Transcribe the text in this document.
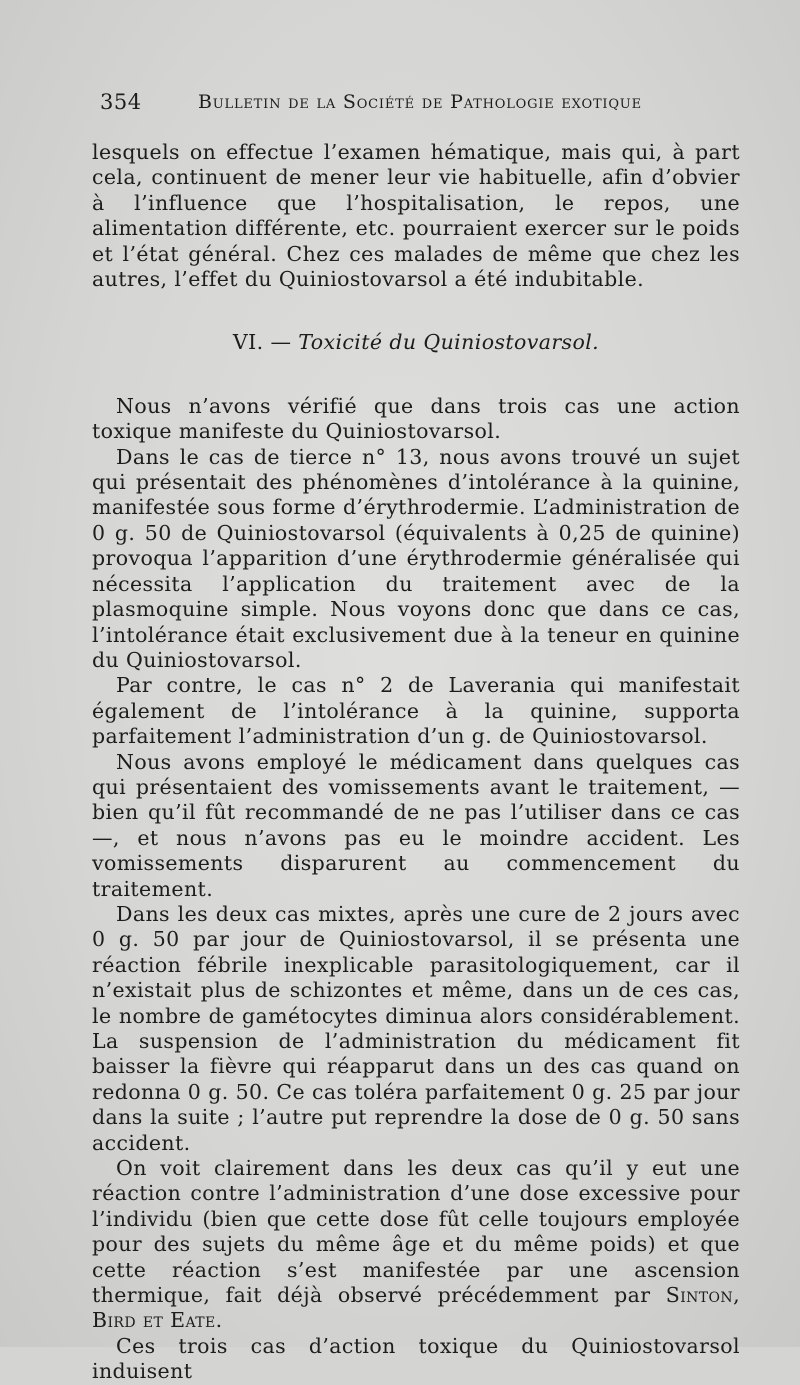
354	Bulletin de la Société de Pathologie exotique

lesquels on effectue l’examen hématique, mais qui, à part cela, continuent de mener leur vie habituelle, afin d’obvier à l’influence que l’hospitalisation, le repos, une alimentation différente, etc. pourraient exercer sur le poids et l’état général. Chez ces malades de même que chez les autres, l’effet du Quiniostovarsol a été indubitable.

VI. — Toxicité du Quiniostovarsol.

Nous n’avons vérifié que dans trois cas une action toxique manifeste du Quiniostovarsol.

Dans le cas de tierce n° 13, nous avons trouvé un sujet qui présentait des phénomènes d’intolérance à la quinine, manifestée sous forme d’érythrodermie. L’administration de 0 g. 50 de Quiniostovarsol (équivalents à 0,25 de quinine) provoqua l’apparition d’une érythrodermie généralisée qui nécessita l’application du traitement avec de la plasmoquine simple. Nous voyons donc que dans ce cas, l’intolérance était exclusivement due à la teneur en quinine du Quiniostovarsol.

Par contre, le cas n° 2 de Laverania qui manifestait également de l’intolérance à la quinine, supporta parfaitement l’administration d’un g. de Quiniostovarsol.

Nous avons employé le médicament dans quelques cas qui présentaient des vomissements avant le traitement, — bien qu’il fût recommandé de ne pas l’utiliser dans ce cas —, et nous n’avons pas eu le moindre accident. Les vomissements disparurent au commencement du traitement.

Dans les deux cas mixtes, après une cure de 2 jours avec 0 g. 50 par jour de Quiniostovarsol, il se présenta une réaction fébrile inexplicable parasitologiquement, car il n’existait plus de schizontes et même, dans un de ces cas, le nombre de gamétocytes diminua alors considérablement. La suspension de l’administration du médicament fit baisser la fièvre qui réapparut dans un des cas quand on redonna 0 g. 50. Ce cas toléra parfaitement 0 g. 25 par jour dans la suite ; l’autre put reprendre la dose de 0 g. 50 sans accident.

On voit clairement dans les deux cas qu’il y eut une réaction contre l’administration d’une dose excessive pour l’individu (bien que cette dose fût celle toujours employée pour des sujets du même âge et du même poids) et que cette réaction s’est manifestée par une ascension thermique, fait déjà observé précédemment par Sinton, Bird et Eate.

Ces trois cas d’action toxique du Quiniostovarsol induisent
